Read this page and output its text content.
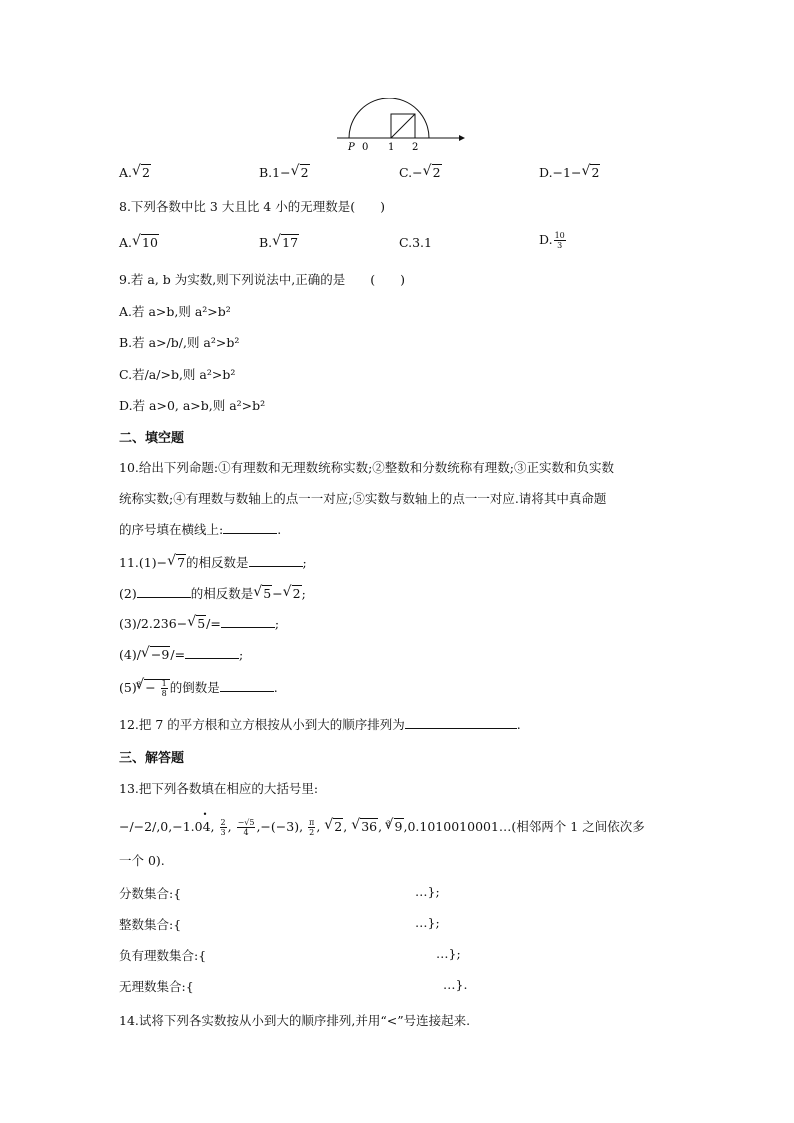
P 0 1 2
A.√ 2	B.1−√ 2	C.−√ 2	D.−1−√ 2
8.下列各数中比 3 大且比 4 小的无理数是(　　)
A.√ 10	B.√ 17	C.3.1	D. $\frac{10}{3}$
9.若 a, b 为实数,则下列说法中,正确的是　　(　　)
A.若 a>b,则 a²>b²
B.若 a>/b/,则 a²>b²
C.若/a/>b,则 a²>b²
D.若 a>0, a>b,则 a²>b²
二、填空题
10.给出下列命题:①有理数和无理数统称实数;②整数和分数统称有理数;③正实数和负实数
统称实数;④有理数与数轴上的点一一对应;⑤实数与数轴上的点一一对应.请将其中真命题
的序号填在横线上:	.
11.(1)−√ 7的相反数是	;
(2)	的相反数是√ 5−√ 2;
(3)/2.236−√ 5/=	;
(4)/√ −9/=	;
$(5)^3√ - \frac{1}{8}$ 的倒数是	.
12.把 7 的平方根和立方根按从小到大的顺序排列为	.
三、解答题
13.把下列各数填在相应的大括号里:
−/−2/,0,−1.0• 4, $\frac{2}{3}$ , $\frac{-√5}{4} ,-(-3)$, $\frac{\pi}{2}$ , √ 2, √ 36, $^3$√ 9,0.1010010001…(相邻两个 1 之间依次多
一个 0).
分数集合:{	…};
整数集合:{	…};
负有理数集合:{	…};
无理数集合:{	…}.
14.试将下列各实数按从小到大的顺序排列,并用“<”号连接起来.
